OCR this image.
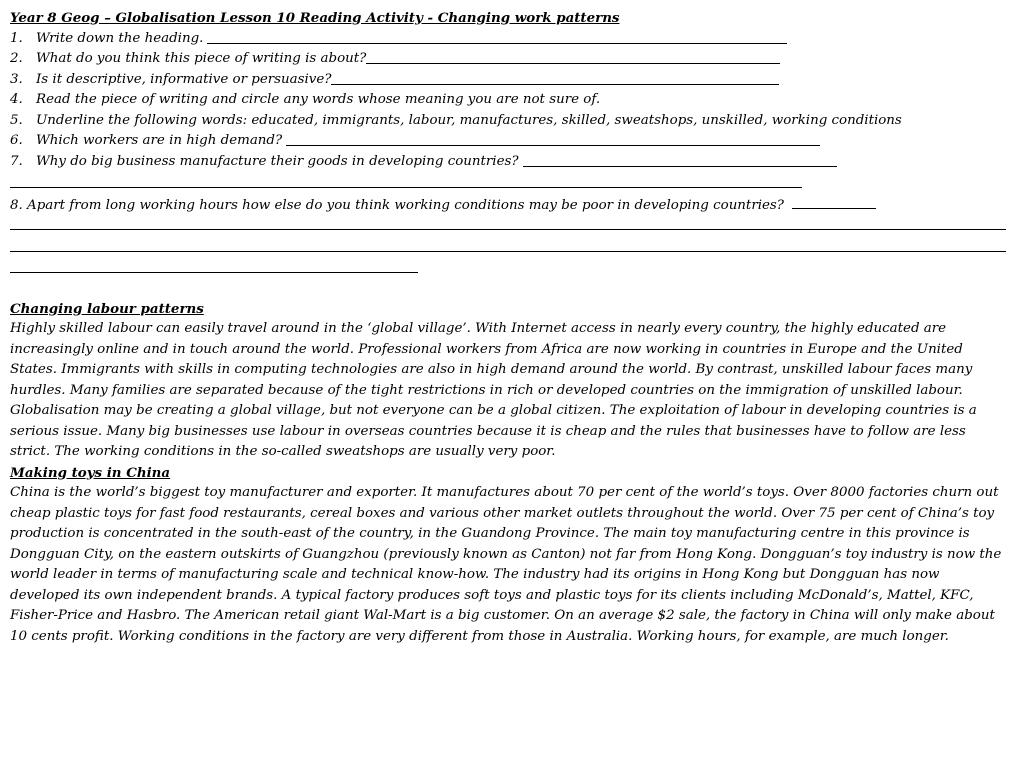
Year 8 Geog – Globalisation Lesson 10 Reading Activity - Changing work patterns
1. Write down the heading.
2. What do you think this piece of writing is about?
3. Is it descriptive, informative or persuasive?
4. Read the piece of writing and circle any words whose meaning you are not sure of.
5. Underline the following words: educated, immigrants, labour, manufactures, skilled, sweatshops, unskilled, working conditions
6. Which workers are in high demand?
7. Why do big business manufacture their goods in developing countries?
8. Apart from long working hours how else do you think working conditions may be poor in developing countries?
Changing labour patterns

Highly skilled labour can easily travel around in the ‘global village’. With Internet access in nearly every country, the highly educated are increasingly online and in touch around the world. Professional workers from Africa are now working in countries in Europe and the United States. Immigrants with skills in computing technologies are also in high demand around the world. By contrast, unskilled labour faces many hurdles. Many families are separated because of the tight restrictions in rich or developed countries on the immigration of unskilled labour. Globalisation may be creating a global village, but not everyone can be a global citizen. The exploitation of labour in developing countries is a serious issue. Many big businesses use labour in overseas countries because it is cheap and the rules that businesses have to follow are less strict. The working conditions in the so-called sweatshops are usually very poor.

Making toys in China

China is the world’s biggest toy manufacturer and exporter. It manufactures about 70 per cent of the world’s toys. Over 8000 factories churn out cheap plastic toys for fast food restaurants, cereal boxes and various other market outlets throughout the world. Over 75 per cent of China’s toy production is concentrated in the south-east of the country, in the Guandong Province. The main toy manufacturing centre in this province is Dongguan City, on the eastern outskirts of Guangzhou (previously known as Canton) not far from Hong Kong. Dongguan’s toy industry is now the world leader in terms of manufacturing scale and technical know-how. The industry had its origins in Hong Kong but Dongguan has now developed its own independent brands. A typical factory produces soft toys and plastic toys for its clients including McDonald’s, Mattel, KFC, Fisher-Price and Hasbro. The American retail giant Wal-Mart is a big customer. On an average $2 sale, the factory in China will only make about 10 cents profit. Working conditions in the factory are very different from those in Australia. Working hours, for example, are much longer.
